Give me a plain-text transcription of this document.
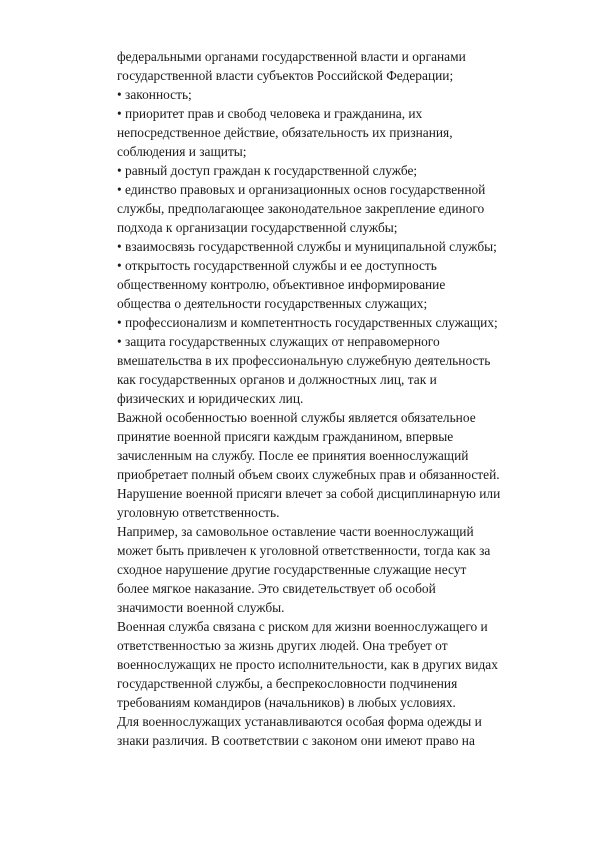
федеральными органами государственной власти и органами
государственной власти субъектов Российской Федерации;
• законность;
• приоритет прав и свобод человека и гражданина, их
непосредственное действие, обязательность их признания,
соблюдения и защиты;
• равный доступ граждан к государственной службе;
• единство правовых и организационных основ государственной
службы, предполагающее законодательное закрепление единого
подхода к организации государственной службы;
• взаимосвязь государственной службы и муниципальной службы;
• открытость государственной службы и ее доступность
общественному контролю, объективное информирование
общества о деятельности государственных служащих;
• профессионализм и компетентность государственных служащих;
• защита государственных служащих от неправомерного
вмешательства в их профессиональную служебную деятельность
как государственных органов и должностных лиц, так и
физических и юридических лиц.
Важной особенностью военной службы является обязательное
принятие военной присяги каждым гражданином, впервые
зачисленным на службу. После ее принятия военнослужащий
приобретает полный объем своих служебных прав и обязанностей.
Нарушение военной присяги влечет за собой дисциплинарную или
уголовную ответственность.
Например, за самовольное оставление части военнослужащий
может быть привлечен к уголовной ответственности, тогда как за
сходное нарушение другие государственные служащие несут
более мягкое наказание. Это свидетельствует об особой
значимости военной службы.
Военная служба связана с риском для жизни военнослужащего и
ответственностью за жизнь других людей. Она требует от
военнослужащих не просто исполнительности, как в других видах
государственной службы, а беспрекословности подчинения
требованиям командиров (начальников) в любых условиях.
Для военнослужащих устанавливаются особая форма одежды и
знаки различия. В соответствии с законом они имеют право на
